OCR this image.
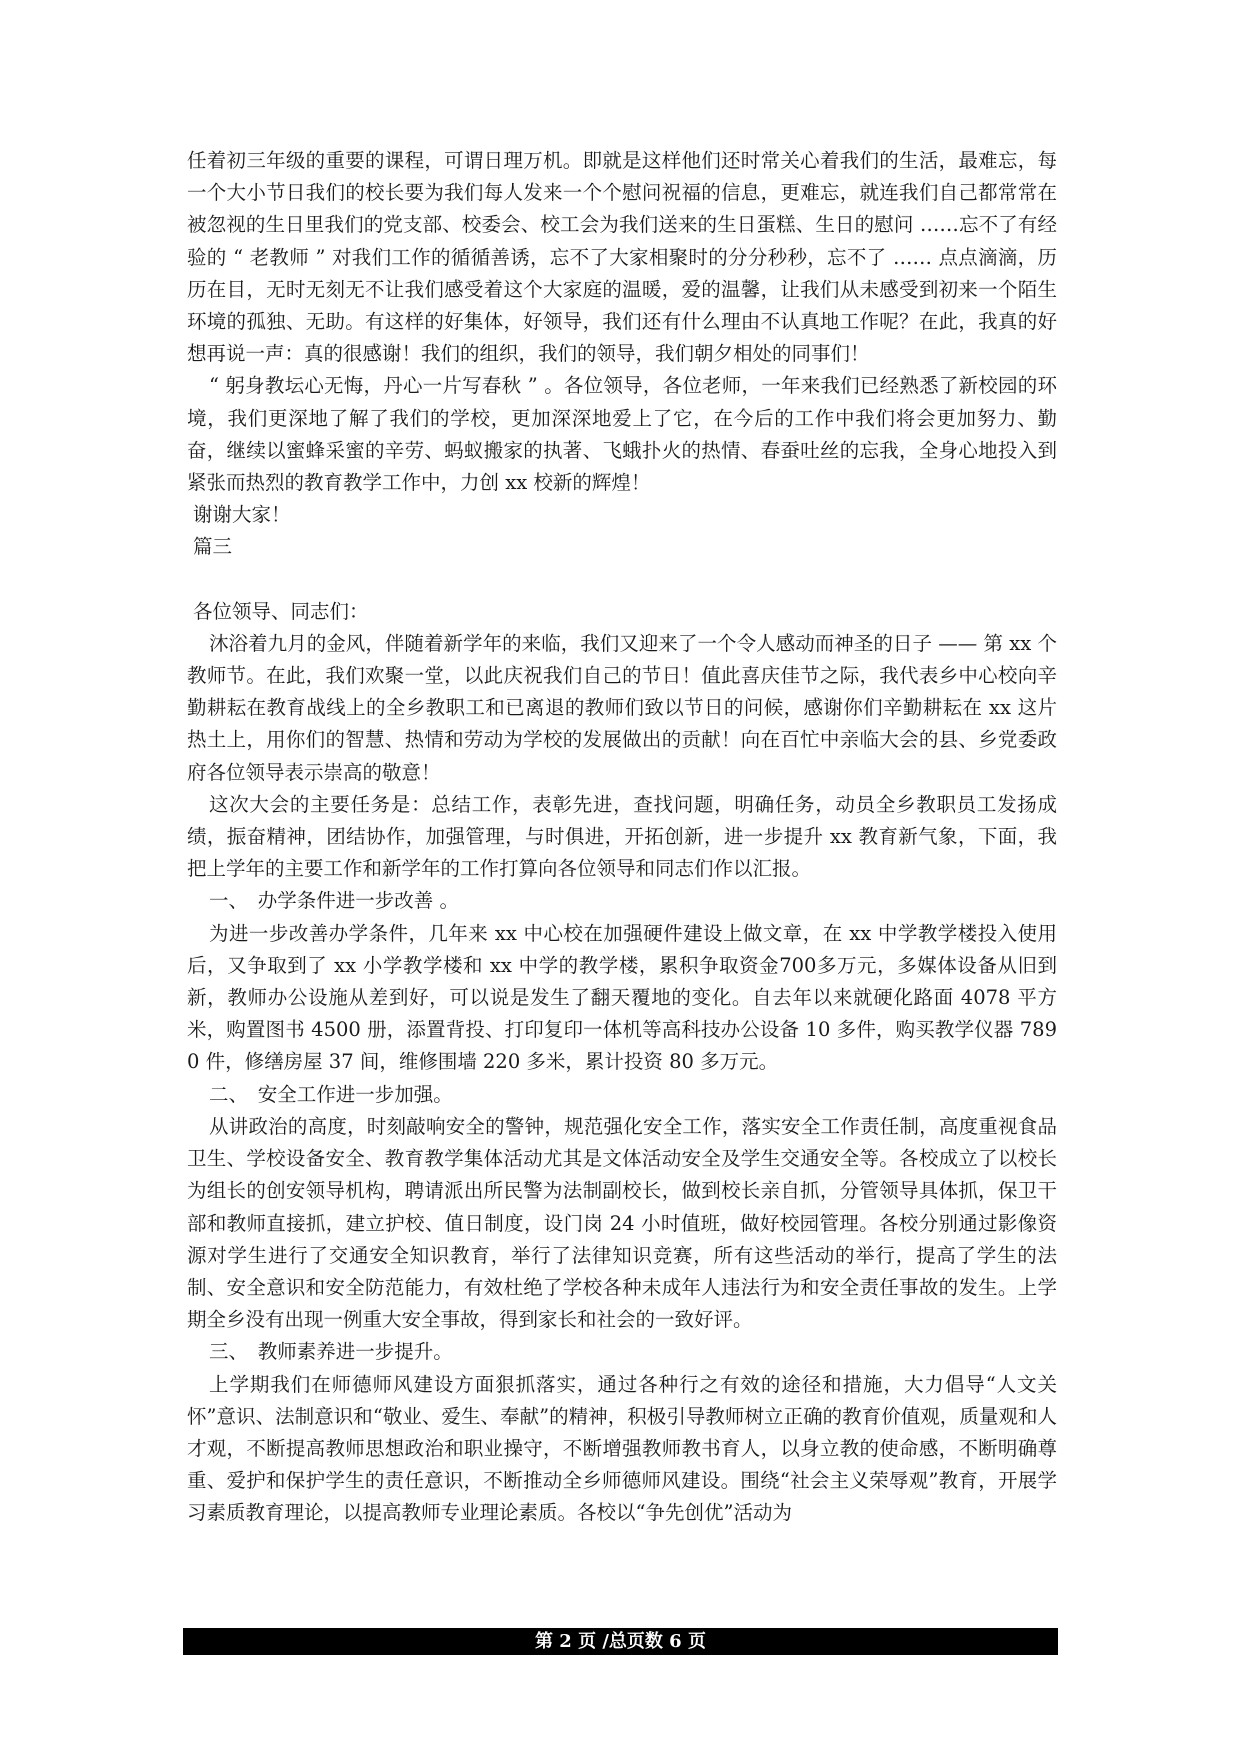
任着初三年级的重要的课程，可谓日理万机。即就是这样他们还时常关心着我们的生活，最难忘，每一个大小节日我们的校长要为我们每人发来一个个慰问祝福的信息，更难忘，就连我们自己都常常在被忽视的生日里我们的党支部、校委会、校工会为我们送来的生日蛋糕、生日的慰问 ……忘不了有经验的 “ 老教师 ” 对我们工作的循循善诱，忘不了大家相聚时的分分秒秒，忘不了 …… 点点滴滴，历历在目，无时无刻无不让我们感受着这个大家庭的温暖，爱的温馨，让我们从未感受到初来一个陌生环境的孤独、无助。有这样的好集体，好领导，我们还有什么理由不认真地工作呢？在此，我真的好想再说一声：真的很感谢！我们的组织，我们的领导，我们朝夕相处的同事们！

“ 躬身教坛心无悔，丹心一片写春秋 ” 。各位领导，各位老师，一年来我们已经熟悉了新校园的环境，我们更深地了解了我们的学校，更加深深地爱上了它，在今后的工作中我们将会更加努力、勤奋，继续以蜜蜂采蜜的辛劳、蚂蚁搬家的执著、飞蛾扑火的热情、春蚕吐丝的忘我，全身心地投入到紧张而热烈的教育教学工作中，力创 xx 校新的辉煌！

谢谢大家！

篇三

各位领导、同志们：

沐浴着九月的金风，伴随着新学年的来临，我们又迎来了一个令人感动而神圣的日子 —— 第 xx 个教师节。在此，我们欢聚一堂，以此庆祝我们自己的节日！值此喜庆佳节之际，我代表乡中心校向辛勤耕耘在教育战线上的全乡教职工和已离退的教师们致以节日的问候，感谢你们辛勤耕耘在 xx 这片热土上，用你们的智慧、热情和劳动为学校的发展做出的贡献！向在百忙中亲临大会的县、乡党委政府各位领导表示崇高的敬意！

这次大会的主要任务是：总结工作，表彰先进，查找问题，明确任务，动员全乡教职员工发扬成绩，振奋精神，团结协作，加强管理，与时俱进，开拓创新，进一步提升 xx 教育新气象，下面，我把上学年的主要工作和新学年的工作打算向各位领导和同志们作以汇报。

一、　办学条件进一步改善 。

为进一步改善办学条件，几年来 xx 中心校在加强硬件建设上做文章，在 xx 中学教学楼投入使用后，又争取到了 xx 小学教学楼和 xx 中学的教学楼，累积争取资金700多万元，多媒体设备从旧到新，教师办公设施从差到好，可以说是发生了翻天覆地的变化。自去年以来就硬化路面 4078 平方米，购置图书 4500 册，添置背投、打印复印一体机等高科技办公设备 10 多件，购买教学仪器 7890 件，修缮房屋 37 间，维修围墙 220 多米，累计投资 80 多万元。

二、　安全工作进一步加强。

从讲政治的高度，时刻敲响安全的警钟，规范强化安全工作，落实安全工作责任制，高度重视食品卫生、学校设备安全、教育教学集体活动尤其是文体活动安全及学生交通安全等。各校成立了以校长为组长的创安领导机构，聘请派出所民警为法制副校长，做到校长亲自抓，分管领导具体抓，保卫干部和教师直接抓，建立护校、值日制度，设门岗 24 小时值班，做好校园管理。各校分别通过影像资源对学生进行了交通安全知识教育，举行了法律知识竞赛，所有这些活动的举行，提高了学生的法制、安全意识和安全防范能力，有效杜绝了学校各种未成年人违法行为和安全责任事故的发生。上学期全乡没有出现一例重大安全事故，得到家长和社会的一致好评。

三、　教师素养进一步提升。

上学期我们在师德师风建设方面狠抓落实，通过各种行之有效的途径和措施，大力倡导“人文关怀”意识、法制意识和“敬业、爱生、奉献”的精神，积极引导教师树立正确的教育价值观，质量观和人才观，不断提高教师思想政治和职业操守，不断增强教师教书育人，以身立教的使命感，不断明确尊重、爱护和保护学生的责任意识，不断推动全乡师德师风建设。围绕“社会主义荣辱观”教育，开展学习素质教育理论，以提高教师专业理论素质。各校以“争先创优”活动为

第 2 页 /总页数 6 页
